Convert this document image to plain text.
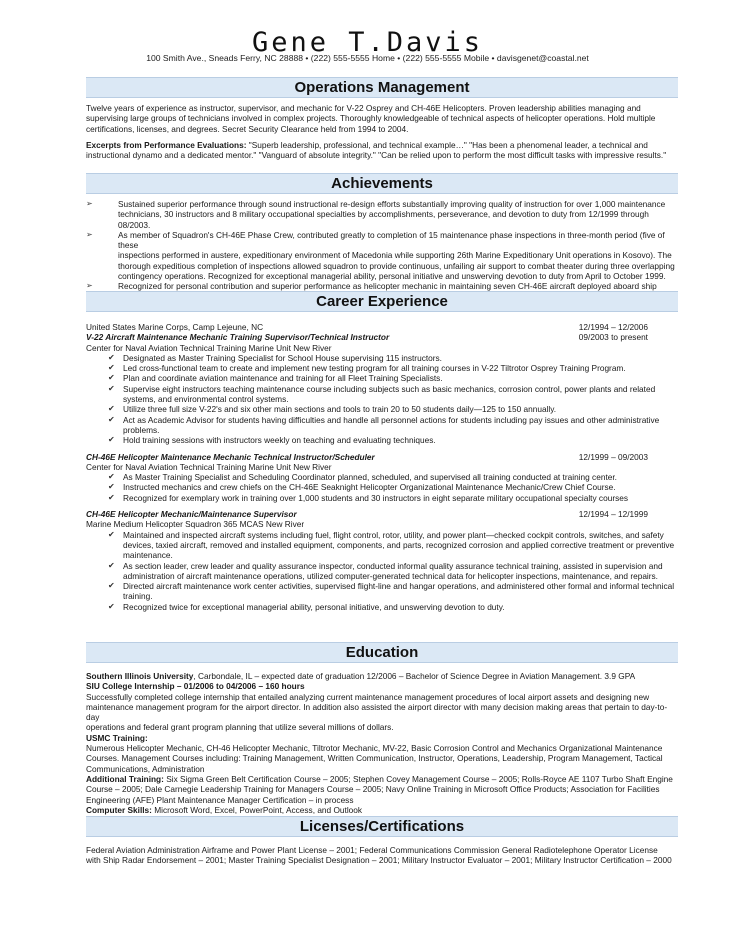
Gene T.Davis
100 Smith Ave., Sneads Ferry, NC 28888 • (222) 555-5555 Home • (222) 555-5555 Mobile • davisgenet@coastal.net
Operations Management

Twelve years of experience as instructor, supervisor, and mechanic for V-22 Osprey and CH-46E Helicopters. Proven leadership abilities managing and

supervising large groups of technicians involved in complex projects. Thoroughly knowledgeable of technical aspects of helicopter operations. Hold multiple

certifications, licenses, and degrees. Secret Security Clearance held from 1994 to 2004.

Excerpts from Performance Evaluations: "Superb leadership, professional, and technical example…" "Has been a phenomenal leader, a technical and

instructional dynamo and a dedicated mentor." "Vanguard of absolute integrity." "Can be relied upon to perform the most difficult tasks with impressive results."

Achievements
➢	Sustained superior performance through sound instructional re-design efforts substantially improving quality of instruction for over 1,000 maintenance

technicians, 30 instructors and 8 military occupational specialties by accomplishments, perseverance, and devotion to duty from 12/1999 through 08/2003.

➢	As member of Squadron's CH-46E Phase Crew, contributed greatly to completion of 15 maintenance phase inspections in three-month period (five of these

inspections performed in austere, expeditionary environment of Macedonia while supporting 26th Marine Expeditionary Unit operations in Kosovo). The

thorough expeditious completion of inspections allowed squadron to provide continuous, unfailing air support to combat theater during three overlapping

contingency operations. Recognized for exceptional managerial ability, personal initiative and unswerving devotion to duty from April to October 1999.

➢	Recognized for personal contribution and superior performance as helicopter mechanic in maintaining seven CH-46E aircraft deployed aboard ship

Career Experience
United States Marine Corps, Camp Lejeune, NC	12/1994 – 12/2006
V-22 Aircraft Maintenance Mechanic Training Supervisor/Technical Instructor	09/2003 to present

Center for Naval Aviation Technical Training Marine Unit New River

✔ Designated as Master Training Specialist for School House supervising 115 instructors.

✔ Led cross-functional team to create and implement new testing program for all training courses in V-22 Tiltrotor Osprey Training Program.

✔ Plan and coordinate aviation maintenance and training for all Fleet Training Specialists.

✔ Supervise eight instructors teaching maintenance course including subjects such as basic mechanics, corrosion control, power plants and related

systems, and environmental control systems.

✔ Utilize three full size V-22's and six other main sections and tools to train 20 to 50 students daily—125 to 150 annually.

✔ Act as Academic Advisor for students having difficulties and handle all personnel actions for students including pay issues and other administrative

problems.

✔ Hold training sessions with instructors weekly on teaching and evaluating techniques.

CH-46E Helicopter Maintenance Mechanic Technical Instructor/Scheduler	12/1999 – 09/2003

Center for Naval Aviation Technical Training Marine Unit New River

✔ As Master Training Specialist and Scheduling Coordinator planned, scheduled, and supervised all training conducted at training center.

✔ Instructed mechanics and crew chiefs on the CH-46E Seaknight Helicopter Organizational Maintenance Mechanic/Crew Chief Course.

✔ Recognized for exemplary work in training over 1,000 students and 30 instructors in eight separate military occupational specialty courses

CH-46E Helicopter Mechanic/Maintenance Supervisor	12/1994 – 12/1999

Marine Medium Helicopter Squadron 365 MCAS New River

✔ Maintained and inspected aircraft systems including fuel, flight control, rotor, utility, and power plant—checked cockpit controls, switches, and safety

devices, taxied aircraft, removed and installed equipment, components, and parts, recognized corrosion and applied corrective treatment or preventive

maintenance.

✔ As section leader, crew leader and quality assurance inspector, conducted informal quality assurance technical training, assisted in supervision and

administration of aircraft maintenance operations, utilized computer-generated technical data for helicopter inspections, maintenance, and repairs.

✔ Directed aircraft maintenance work center activities, supervised flight-line and hangar operations, and administered other formal and informal technical

training.

✔ Recognized twice for exceptional managerial ability, personal initiative, and unswerving devotion to duty.

Education

Southern Illinois University, Carbondale, IL – expected date of graduation 12/2006 – Bachelor of Science Degree in Aviation Management. 3.9 GPA

SIU College Internship – 01/2006 to 04/2006 – 160 hours

Successfully completed college internship that entailed analyzing current maintenance management procedures of local airport assets and designing new

maintenance management program for the airport director. In addition also assisted the airport director with many decision making areas that pertain to day-to-day

operations and federal grant program planning that utilize several millions of dollars.

USMC Training:

Numerous Helicopter Mechanic, CH-46 Helicopter Mechanic, Tiltrotor Mechanic, MV-22, Basic Corrosion Control and Mechanics Organizational Maintenance

Courses. Management Courses including: Training Management, Written Communication, Instructor, Operations, Leadership, Program Management, Tactical

Communications, Administration

Additional Training: Six Sigma Green Belt Certification Course – 2005; Stephen Covey Management Course – 2005; Rolls-Royce AE 1107 Turbo Shaft Engine

Course – 2005; Dale Carnegie Leadership Training for Managers Course – 2005; Navy Online Training in Microsoft Office Products; Association for Facilities

Engineering (AFE) Plant Maintenance Manager Certification – in process

Computer Skills: Microsoft Word, Excel, PowerPoint, Access, and Outlook

Licenses/Certifications

Federal Aviation Administration Airframe and Power Plant License – 2001; Federal Communications Commission General Radiotelephone Operator License

with Ship Radar Endorsement – 2001; Master Training Specialist Designation – 2001; Military Instructor Evaluator – 2001; Military Instructor Certification – 2000
